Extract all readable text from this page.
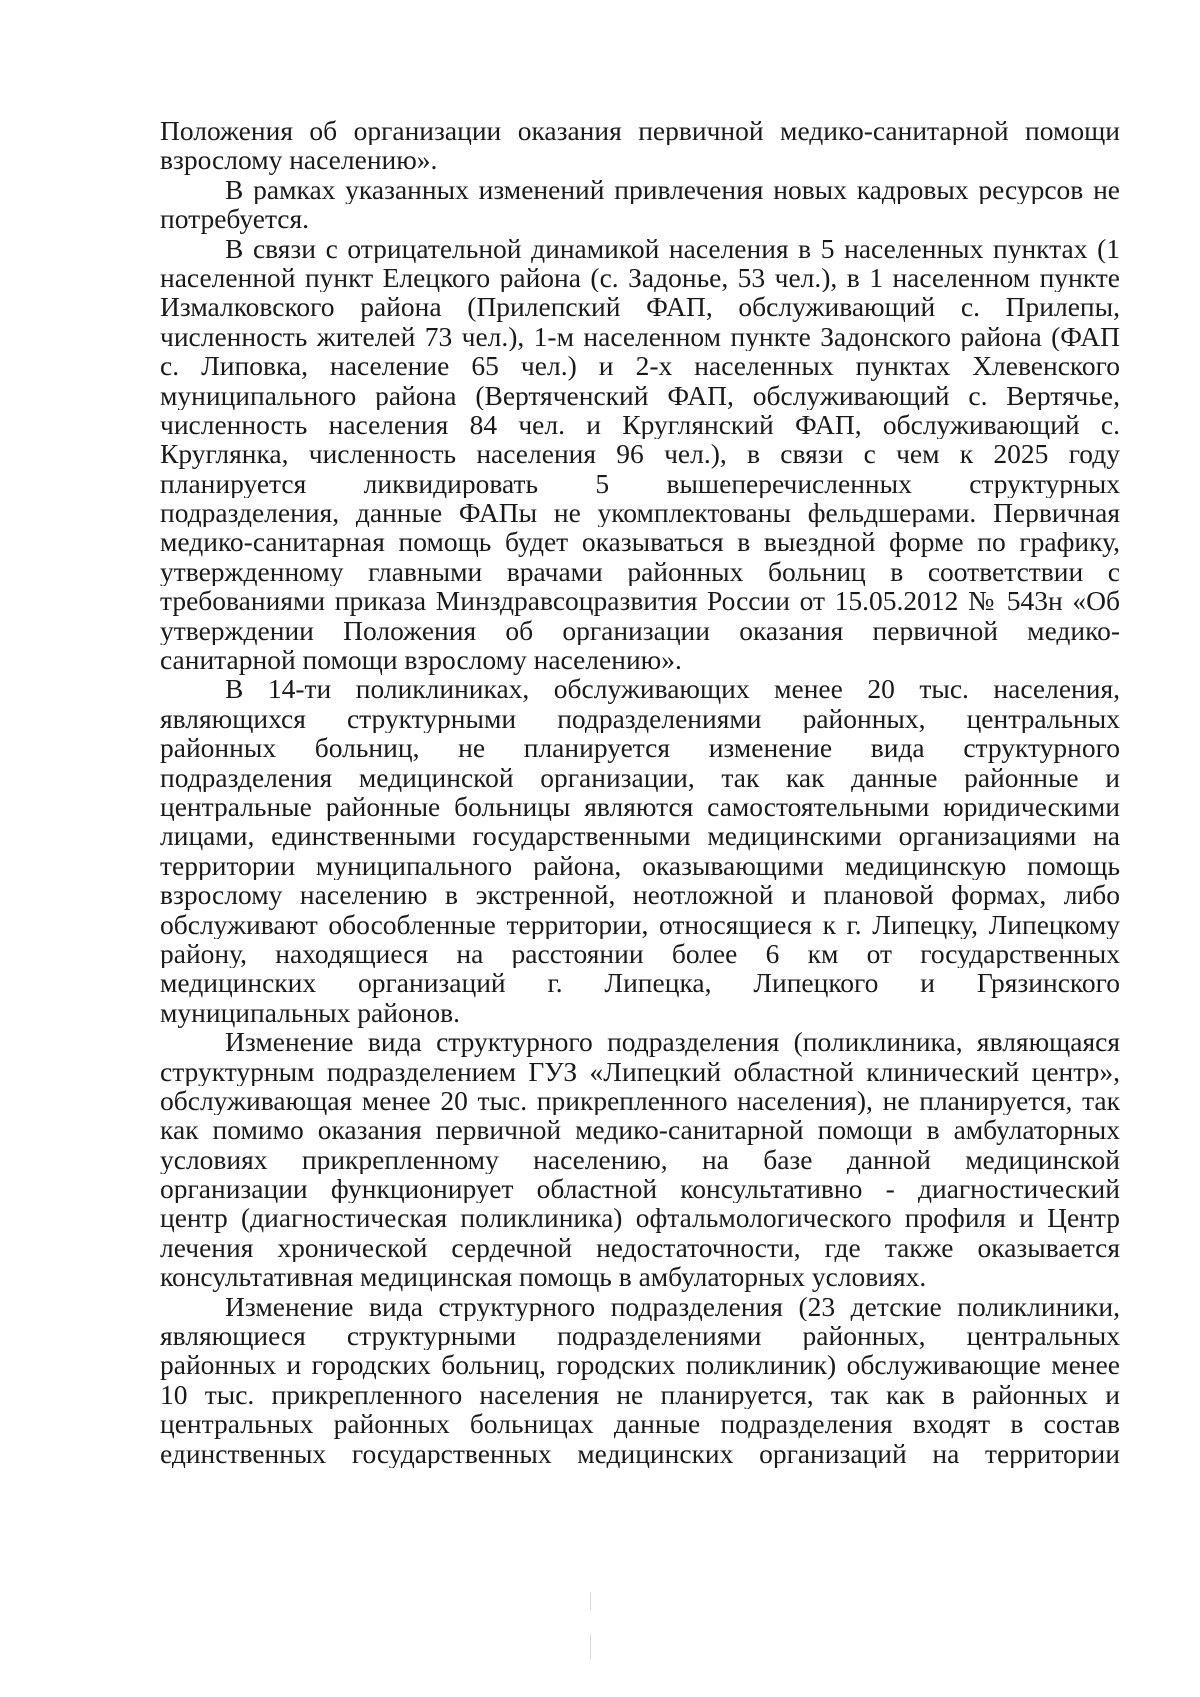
Положения об организации оказания первичной медико-санитарной помощи
взрослому населению».
В рамках указанных изменений привлечения новых кадровых ресурсов не
потребуется.
В связи с отрицательной динамикой населения в 5 населенных пунктах (1
населенной пункт Елецкого района (с. Задонье, 53 чел.), в 1 населенном пункте
Измалковского района (Прилепский ФАП, обслуживающий с. Прилепы,
численность жителей 73 чел.), 1-м населенном пункте Задонского района (ФАП
с. Липовка, население 65 чел.) и 2-х населенных пунктах Хлевенского
муниципального района (Вертяченский ФАП, обслуживающий с. Вертячье,
численность населения 84 чел. и Круглянский ФАП, обслуживающий с.
Круглянка, численность населения 96 чел.), в связи с чем к 2025 году
планируется ликвидировать 5 вышеперечисленных структурных
подразделения, данные ФАПы не укомплектованы фельдшерами. Первичная
медико-санитарная помощь будет оказываться в выездной форме по графику,
утвержденному главными врачами районных больниц в соответствии с
требованиями приказа Минздравсоцразвития России от 15.05.2012 № 543н «Об
утверждении Положения об организации оказания первичной медико-
санитарной помощи взрослому населению».
В 14-ти поликлиниках, обслуживающих менее 20 тыс. населения,
являющихся структурными подразделениями районных, центральных
районных больниц, не планируется изменение вида структурного
подразделения медицинской организации, так как данные районные и
центральные районные больницы являются самостоятельными юридическими
лицами, единственными государственными медицинскими организациями на
территории муниципального района, оказывающими медицинскую помощь
взрослому населению в экстренной, неотложной и плановой формах, либо
обслуживают обособленные территории, относящиеся к г. Липецку, Липецкому
району, находящиеся на расстоянии более 6 км от государственных
медицинских организаций г. Липецка, Липецкого и Грязинского
муниципальных районов.
Изменение вида структурного подразделения (поликлиника, являющаяся
структурным подразделением ГУЗ «Липецкий областной клинический центр»,
обслуживающая менее 20 тыс. прикрепленного населения), не планируется, так
как помимо оказания первичной медико-санитарной помощи в амбулаторных
условиях прикрепленному населению, на базе данной медицинской
организации функционирует областной консультативно - диагностический
центр (диагностическая поликлиника) офтальмологического профиля и Центр
лечения хронической сердечной недостаточности, где также оказывается
консультативная медицинская помощь в амбулаторных условиях.
Изменение вида структурного подразделения (23 детские поликлиники,
являющиеся структурными подразделениями районных, центральных
районных и городских больниц, городских поликлиник) обслуживающие менее
10 тыс. прикрепленного населения не планируется, так как в районных и
центральных районных больницах данные подразделения входят в состав
единственных государственных медицинских организаций на территории
